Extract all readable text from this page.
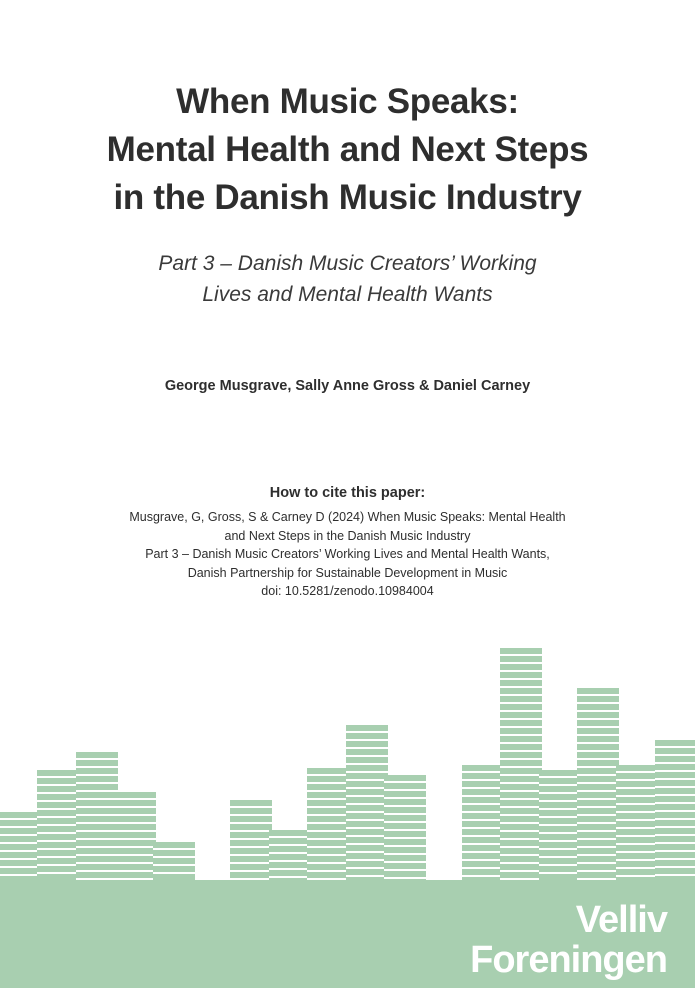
When Music Speaks:
Mental Health and Next Steps
in the Danish Music Industry
Part 3 – Danish Music Creators’ Working
Lives and Mental Health Wants
George Musgrave, Sally Anne Gross & Daniel Carney
How to cite this paper:
Musgrave, G, Gross, S & Carney D (2024) When Music Speaks: Mental Health
and Next Steps in the Danish Music Industry
Part 3 – Danish Music Creators’ Working Lives and Mental Health Wants,
Danish Partnership for Sustainable Development in Music
doi: 10.5281/zenodo.10984004
Velliv
Foreningen
